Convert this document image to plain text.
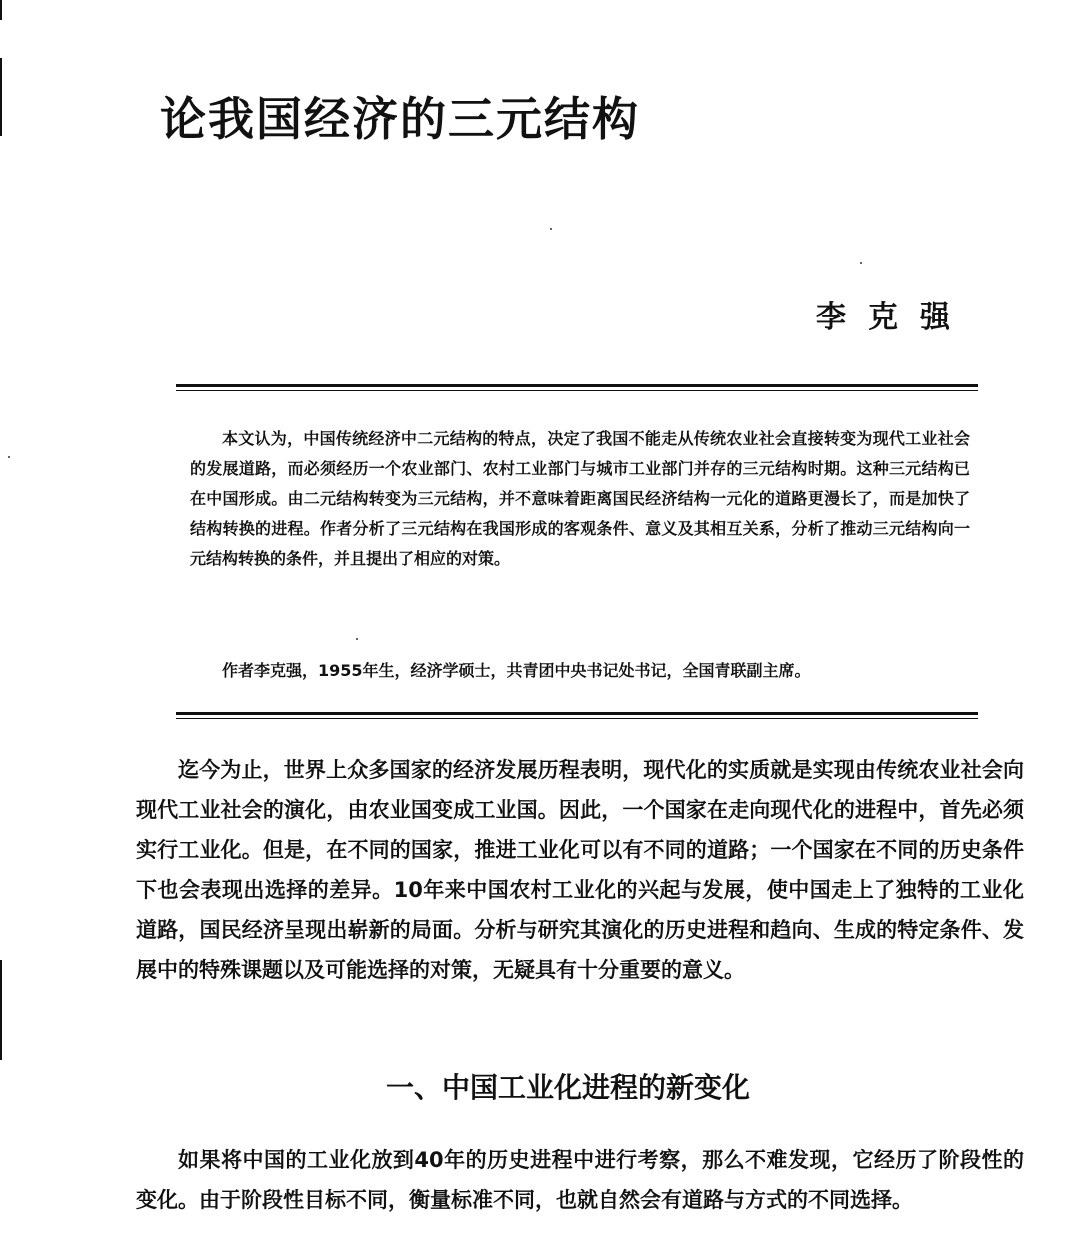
论我国经济的三元结构
李克强

本文认为，中国传统经济中二元结构的特点，决定了我国不能走从传统农业社会直接转变为现代工业社会的发展道路，而必须经历一个农业部门、农村工业部门与城市工业部门并存的三元结构时期。这种三元结构已在中国形成。由二元结构转变为三元结构，并不意味着距离国民经济结构一元化的道路更漫长了，而是加快了结构转换的进程。作者分析了三元结构在我国形成的客观条件、意义及其相互关系，分析了推动三元结构向一元结构转换的条件，并且提出了相应的对策。

作者李克强，1955年生，经济学硕士，共青团中央书记处书记，全国青联副主席。

迄今为止，世界上众多国家的经济发展历程表明，现代化的实质就是实现由传统农业社会向现代工业社会的演化，由农业国变成工业国。因此，一个国家在走向现代化的进程中，首先必须实行工业化。但是，在不同的国家，推进工业化可以有不同的道路；一个国家在不同的历史条件下也会表现出选择的差异。10年来中国农村工业化的兴起与发展，使中国走上了独特的工业化道路，国民经济呈现出崭新的局面。分析与研究其演化的历史进程和趋向、生成的特定条件、发展中的特殊课题以及可能选择的对策，无疑具有十分重要的意义。

一、中国工业化进程的新变化

如果将中国的工业化放到40年的历史进程中进行考察，那么不难发现，它经历了阶段性的变化。由于阶段性目标不同，衡量标准不同，也就自然会有道路与方式的不同选择。
